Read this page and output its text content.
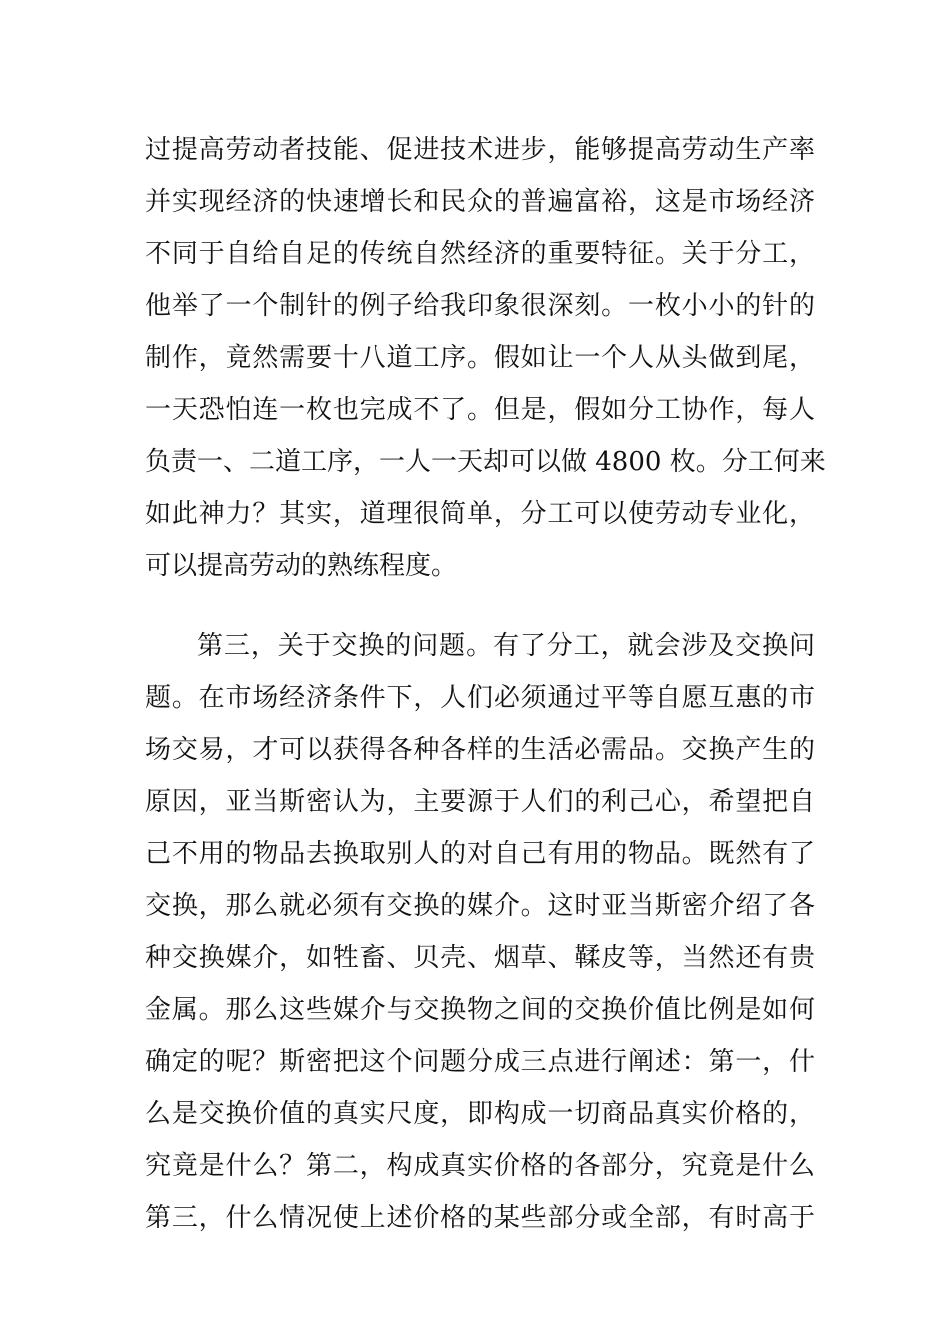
过提高劳动者技能、促进技术进步，能够提高劳动生产率
并实现经济的快速增长和民众的普遍富裕，这是市场经济
不同于自给自足的传统自然经济的重要特征。关于分工，
他举了一个制针的例子给我印象很深刻。一枚小小的针的
制作，竟然需要十八道工序。假如让一个人从头做到尾，
一天恐怕连一枚也完成不了。但是，假如分工协作，每人
负责一、二道工序，一人一天却可以做 4800 枚。分工何来
如此神力？其实，道理很简单，分工可以使劳动专业化，
可以提高劳动的熟练程度。
第三，关于交换的问题。有了分工，就会涉及交换问
题。在市场经济条件下，人们必须通过平等自愿互惠的市
场交易，才可以获得各种各样的生活必需品。交换产生的
原因，亚当斯密认为，主要源于人们的利己心，希望把自
己不用的物品去换取别人的对自己有用的物品。既然有了
交换，那么就必须有交换的媒介。这时亚当斯密介绍了各
种交换媒介，如牲畜、贝壳、烟草、鞣皮等，当然还有贵
金属。那么这些媒介与交换物之间的交换价值比例是如何
确定的呢？斯密把这个问题分成三点进行阐述：第一，什
么是交换价值的真实尺度，即构成一切商品真实价格的，
究竟是什么？第二，构成真实价格的各部分，究竟是什么
第三，什么情况使上述价格的某些部分或全部，有时高于
